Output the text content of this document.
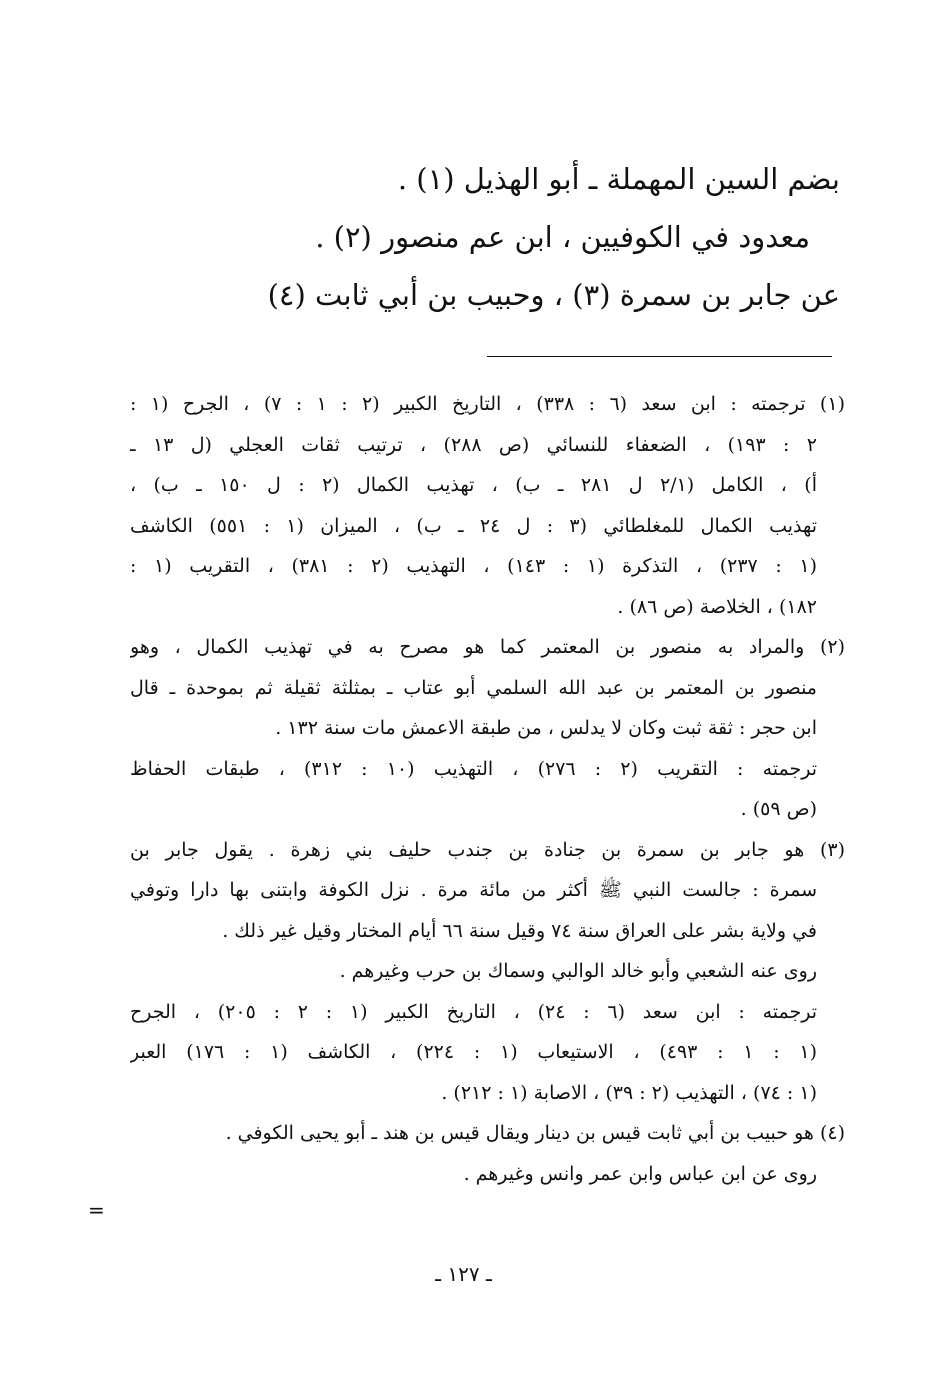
بضم السين المهملة ـ أبو الهذيل (١) .
معدود في الكوفيين ، ابن عم منصور (٢) .
عن جابر بن سمرة (٣) ، وحبيب بن أبي ثابت (٤)
(١) ترجمته : ابن سعد (٦ : ٣٣٨) ، التاريخ الكبير (٢ : ١ : ٧) ، الجرح (١ :
٢ : ١٩٣) ، الضعفاء للنسائي (ص ٢٨٨) ، ترتيب ثقات العجلي (ل ١٣ ـ
أ) ، الكامل (٢/١ ل ٢٨١ ـ ب) ، تهذيب الكمال (٢ : ل ١٥٠ ـ ب) ،
تهذيب الكمال للمغلطائي (٣ : ل ٢٤ ـ ب) ، الميزان (١ : ٥٥١) الكاشف
(١ : ٢٣٧) ، التذكرة (١ : ١٤٣) ، التهذيب (٢ : ٣٨١) ، التقريب (١ :
١٨٢) ، الخلاصة (ص ٨٦) .
(٢) والمراد به منصور بن المعتمر كما هو مصرح به في تهذيب الكمال ، وهو
منصور بن المعتمر بن عبد الله السلمي أبو عتاب ـ بمثلثة ثقيلة ثم بموحدة ـ قال
ابن حجر : ثقة ثبت وكان لا يدلس ، من طبقة الاعمش مات سنة ١٣٢ .
ترجمته : التقريب (٢ : ٢٧٦) ، التهذيب (١٠ : ٣١٢) ، طبقات الحفاظ
(ص ٥٩) .
(٣) هو جابر بن سمرة بن جنادة بن جندب حليف بني زهرة . يقول جابر بن
سمرة : جالست النبي ﷺ أكثر من مائة مرة . نزل الكوفة وابتنى بها دارا وتوفي
في ولاية بشر على العراق سنة ٧٤ وقيل سنة ٦٦ أيام المختار وقيل غير ذلك .
روى عنه الشعبي وأبو خالد الوالبي وسماك بن حرب وغيرهم .
ترجمته : ابن سعد (٦ : ٢٤) ، التاريخ الكبير (١ : ٢ : ٢٠٥) ، الجرح
(١ : ١ : ٤٩٣) ، الاستيعاب (١ : ٢٢٤) ، الكاشف (١ : ١٧٦) العبر
(١ : ٧٤) ، التهذيب (٢ : ٣٩) ، الاصابة (١ : ٢١٢) .
(٤) هو حبيب بن أبي ثابت قيس بن دينار ويقال قيس بن هند ـ أبو يحيى الكوفي .
روى عن ابن عباس وابن عمر وانس وغيرهم .
=
ـ ١٢٧ ـ
